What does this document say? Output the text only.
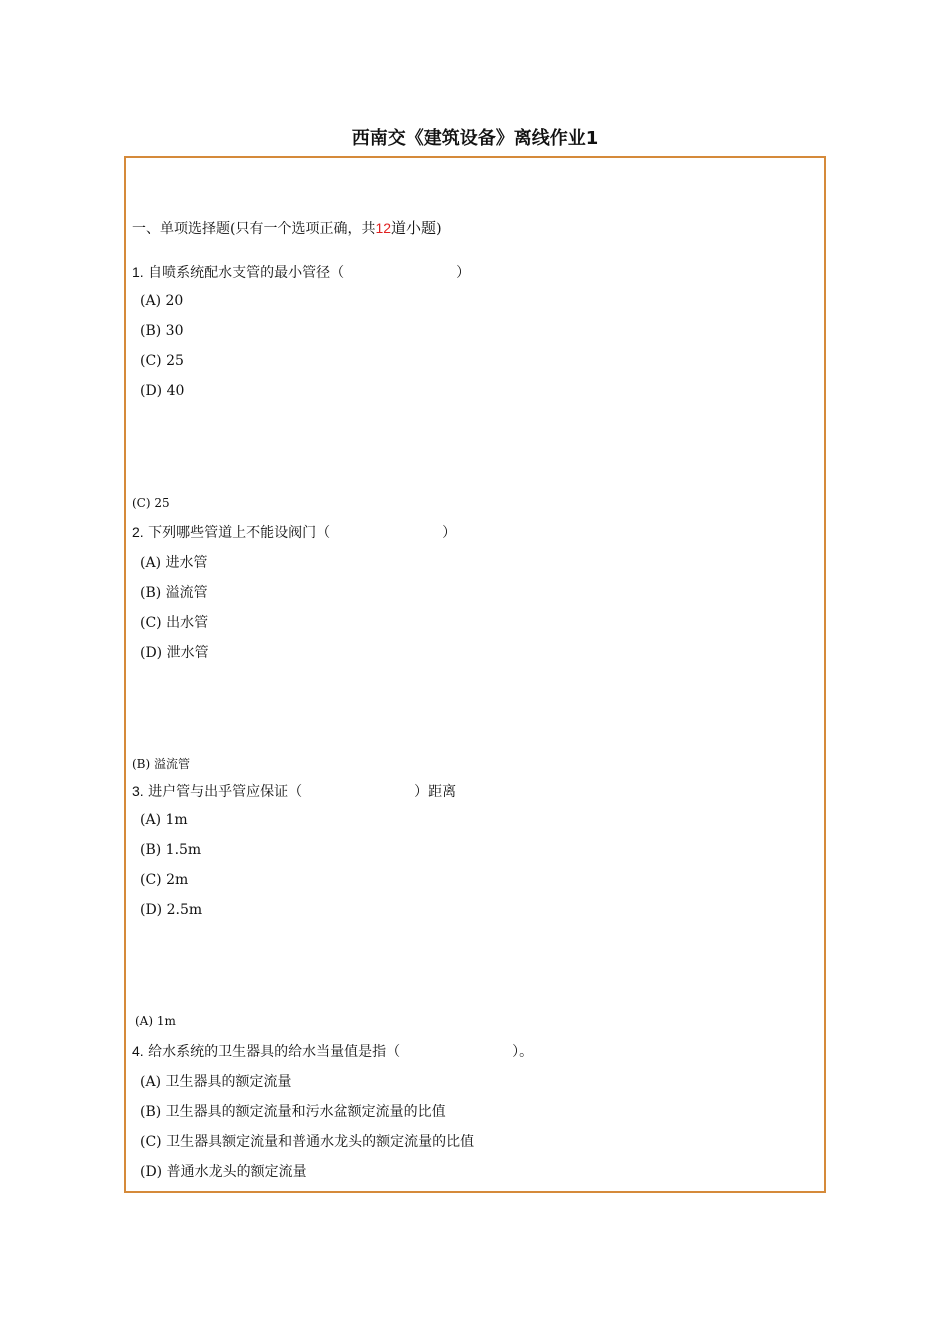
西南交《建筑设备》离线作业1
一、单项选择题(只有一个选项正确，共12道小题)
1. 自喷系统配水支管的最小管径（	）
(A) 20
(B) 30
(C) 25
(D) 40
(C) 25
2. 下列哪些管道上不能设阀门（	）
(A) 进水管
(B) 溢流管
(C) 出水管
(D) 泄水管
(B) 溢流管
3. 进户管与出乎管应保证（	）距离
(A) 1m
(B) 1.5m
(C) 2m
(D) 2.5m
(A) 1m
4. 给水系统的卫生器具的给水当量值是指（	）。
(A) 卫生器具的额定流量
(B) 卫生器具的额定流量和污水盆额定流量的比值
(C) 卫生器具额定流量和普通水龙头的额定流量的比值
(D) 普通水龙头的额定流量
